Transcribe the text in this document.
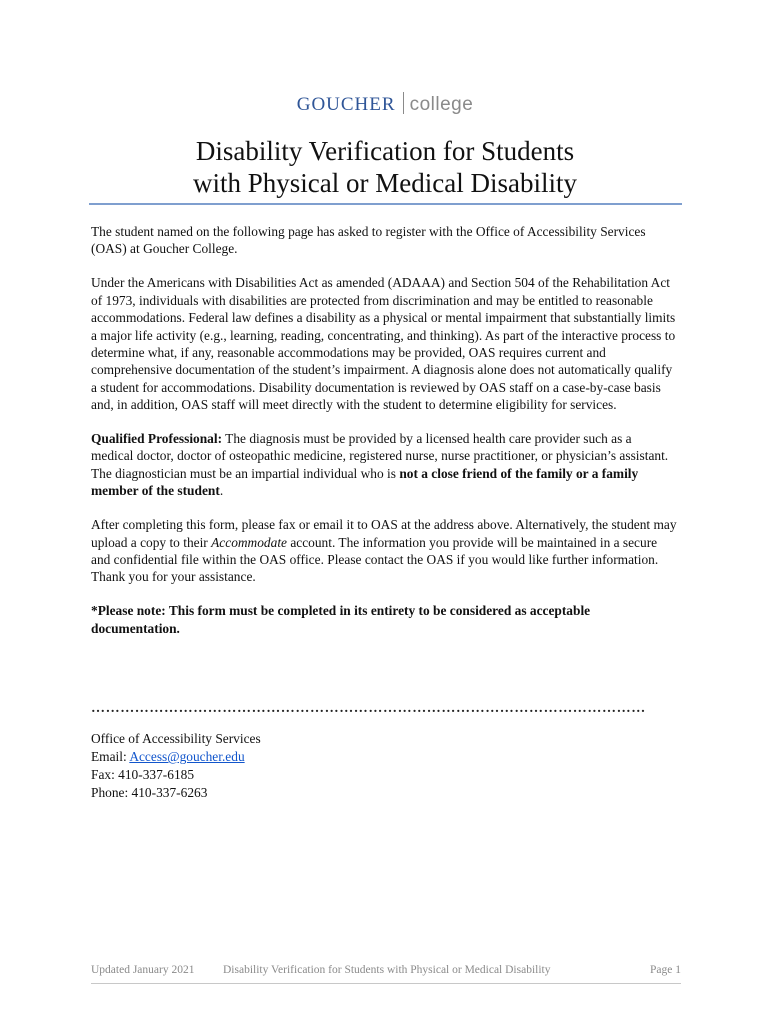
GOUCHER college
Disability Verification for Students
with Physical or Medical Disability

The student named on the following page has asked to register with the Office of Accessibility Services (OAS) at Goucher College.

Under the Americans with Disabilities Act as amended (ADAAA) and Section 504 of the Rehabilitation Act of 1973, individuals with disabilities are protected from discrimination and may be entitled to reasonable accommodations. Federal law defines a disability as a physical or mental impairment that substantially limits a major life activity (e.g., learning, reading, concentrating, and thinking). As part of the interactive process to determine what, if any, reasonable accommodations may be provided, OAS requires current and comprehensive documentation of the student’s impairment. A diagnosis alone does not automatically qualify a student for accommodations. Disability documentation is reviewed by OAS staff on a case-by-case basis and, in addition, OAS staff will meet directly with the student to determine eligibility for services.

Qualified Professional: The diagnosis must be provided by a licensed health care provider such as a medical doctor, doctor of osteopathic medicine, registered nurse, nurse practitioner, or physician’s assistant. The diagnostician must be an impartial individual who is not a close friend of the family or a family member of the student.

After completing this form, please fax or email it to OAS at the address above. Alternatively, the student may upload a copy to their Accommodate account. The information you provide will be maintained in a secure and confidential file within the OAS office. Please contact the OAS if you would like further information. Thank you for your assistance.

*Please note: This form must be completed in its entirety to be considered as acceptable documentation.

……………………………………………………………………………………………………
Office of Accessibility Services
Email: Access@goucher.edu
Fax: 410-337-6185
Phone: 410-337-6263
Updated January 2021 Disability Verification for Students with Physical or Medical Disability	Page 1
